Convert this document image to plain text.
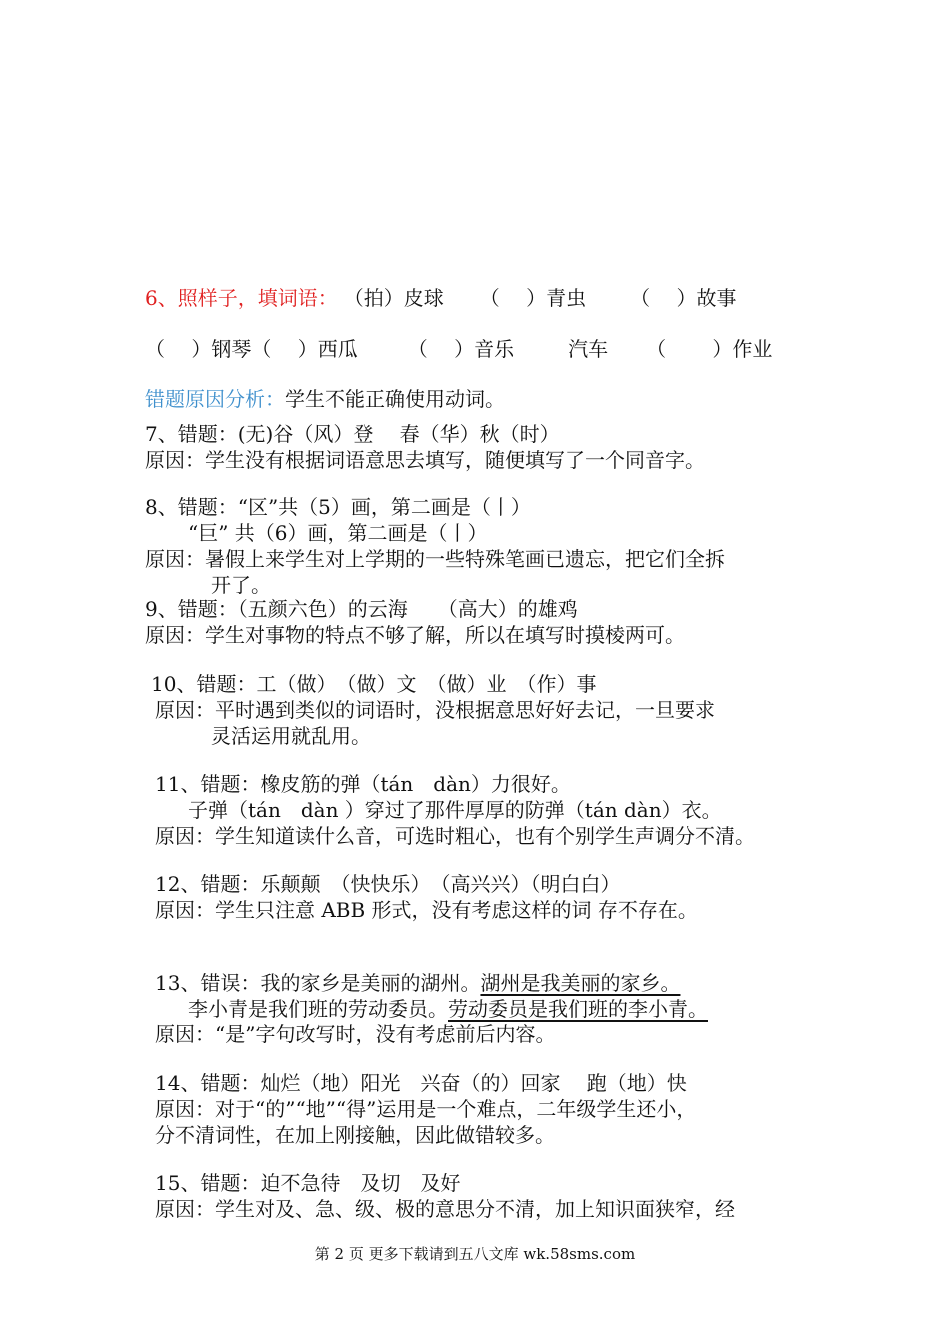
6、照样子，填词语： （拍）皮球 （　 ）青虫 （　 ）故事
（　 ）钢琴（　 ）西瓜	（　 ）音乐	汽车 （　　 ）作业
错题原因分析：学生不能正确使用动词。
7、错题：(无)谷（风）登　 春（华）秋（时）
原因：学生没有根据词语意思去填写，随便填写了一个同音字。
8、错题：“区”共（5）画，第二画是（丨）
“巨” 共（6）画，第二画是（丨）
原因：暑假上来学生对上学期的一些特殊笔画已遗忘，把它们全拆
开了。
9、错题：（五颜六色）的云海　　（高大）的雄鸡
原因：学生对事物的特点不够了解，所以在填写时摸棱两可。
10、错题：工（做）　（做）文　（做）业　（作）事
原因：平时遇到类似的词语时，没根据意思好好去记，一旦要求
灵活运用就乱用。
11、错题：橡皮筋的弹（tán　dàn）力很好。
子弹（tán　dàn ）穿过了那件厚厚的防弹（tán dàn）衣。
原因：学生知道读什么音，可选时粗心，也有个别学生声调分不清。
12、错题：乐颠颠　（快快乐）　（高兴兴）（明白白）
原因：学生只注意 ABB 形式，没有考虑这样的词 存不存在。
13、错误：我的家乡是美丽的湖州。湖州是我美丽的家乡。
李小青是我们班的劳动委员。劳动委员是我们班的李小青。
原因：“是”字句改写时，没有考虑前后内容。
14、错题：灿烂（地）阳光　兴奋（的）回家　 跑（地）快
原因：对于“的”“地”“得”运用是一个难点，二年级学生还小，
分不清词性，在加上刚接触，因此做错较多。
15、错题：迫不急待　及切　及好
原因：学生对及、急、级、极的意思分不清，加上知识面狭窄，经
第 2 页 更多下载请到五八文库 wk.58sms.com
